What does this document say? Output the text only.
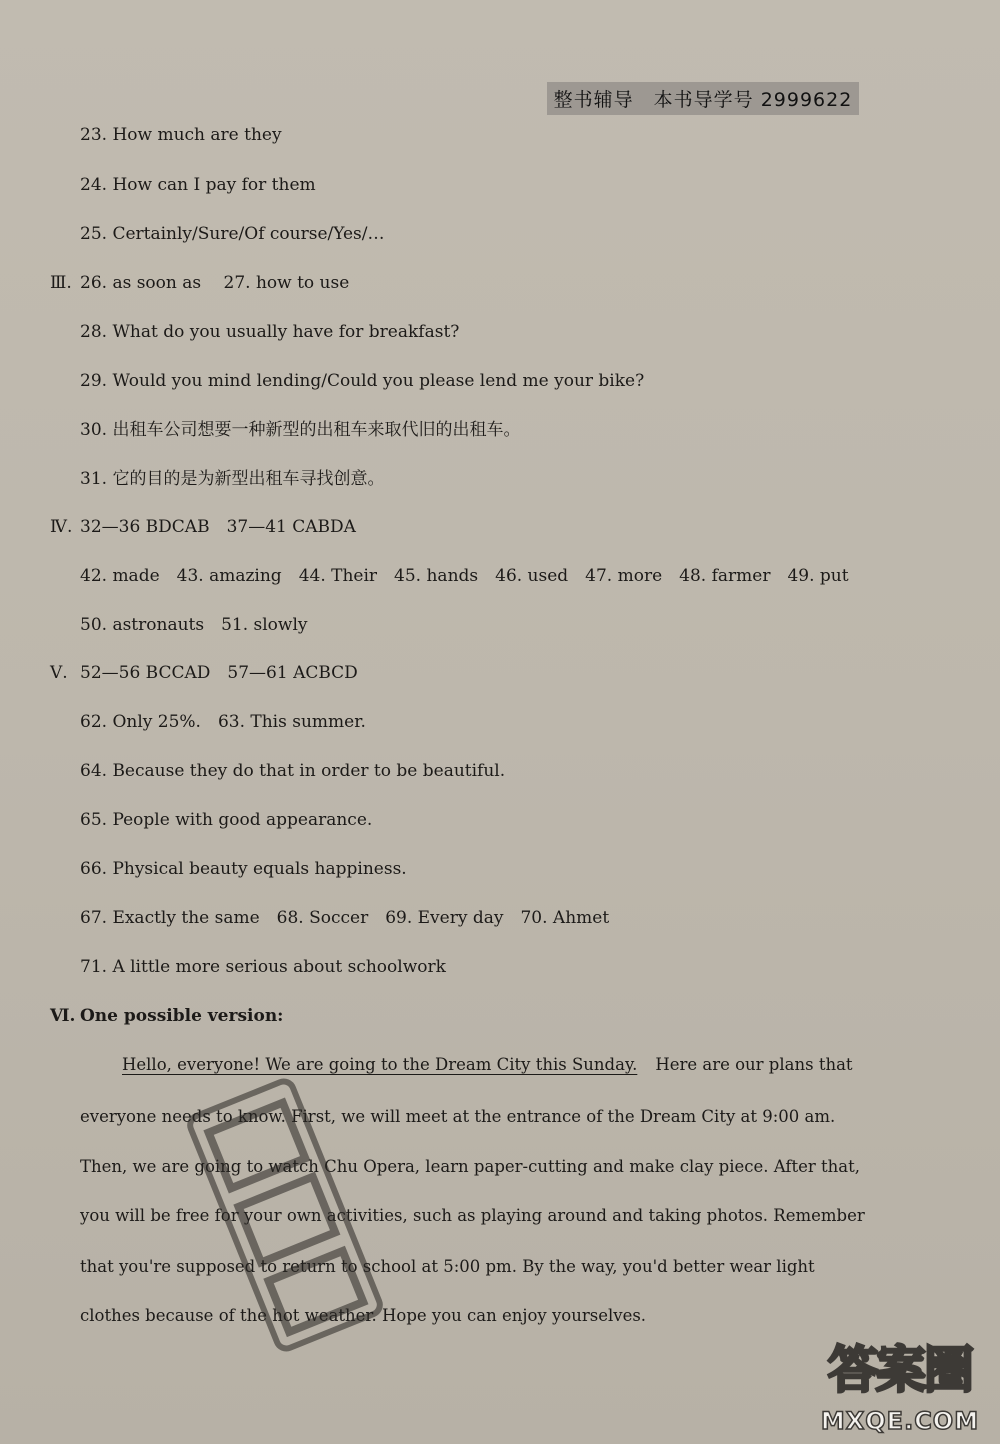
整书辅导　本书导学号 2999622
23. How much are they
24. How can I pay for them
25. Certainly/Sure/Of course/Yes/…
Ⅲ. 26. as soon as　 27. how to use
28. What do you usually have for breakfast?
29. Would you mind lending/Could you please lend me your bike?
30. 出租车公司想要一种新型的出租车来取代旧的出租车。
31. 它的目的是为新型出租车寻找创意。
Ⅳ. 32—36 BDCAB　37—41 CABDA
42. made　43. amazing　44. Their　45. hands　46. used　47. more　48. farmer　49. put
50. astronauts　51. slowly
Ⅴ. 52—56 BCCAD　57—61 ACBCD
62. Only 25%.　63. This summer.
64. Because they do that in order to be beautiful.
65. People with good appearance.
66. Physical beauty equals happiness.
67. Exactly the same　68. Soccer　69. Every day　70. Ahmet
71. A little more serious about schoolwork
Ⅵ. One possible version:
Hello, everyone! We are going to the Dream City this Sunday. Here are our plans that
everyone needs to know. First, we will meet at the entrance of the Dream City at 9:00 am.
Then, we are going to watch Chu Opera, learn paper-cutting and make clay piece. After that,
you will be free for your own activities, such as playing around and taking photos. Remember
that you're supposed to return to school at 5:00 pm. By the way, you'd better wear light
clothes because of the hot weather. Hope you can enjoy yourselves.
答案圈
MXQE.COM
